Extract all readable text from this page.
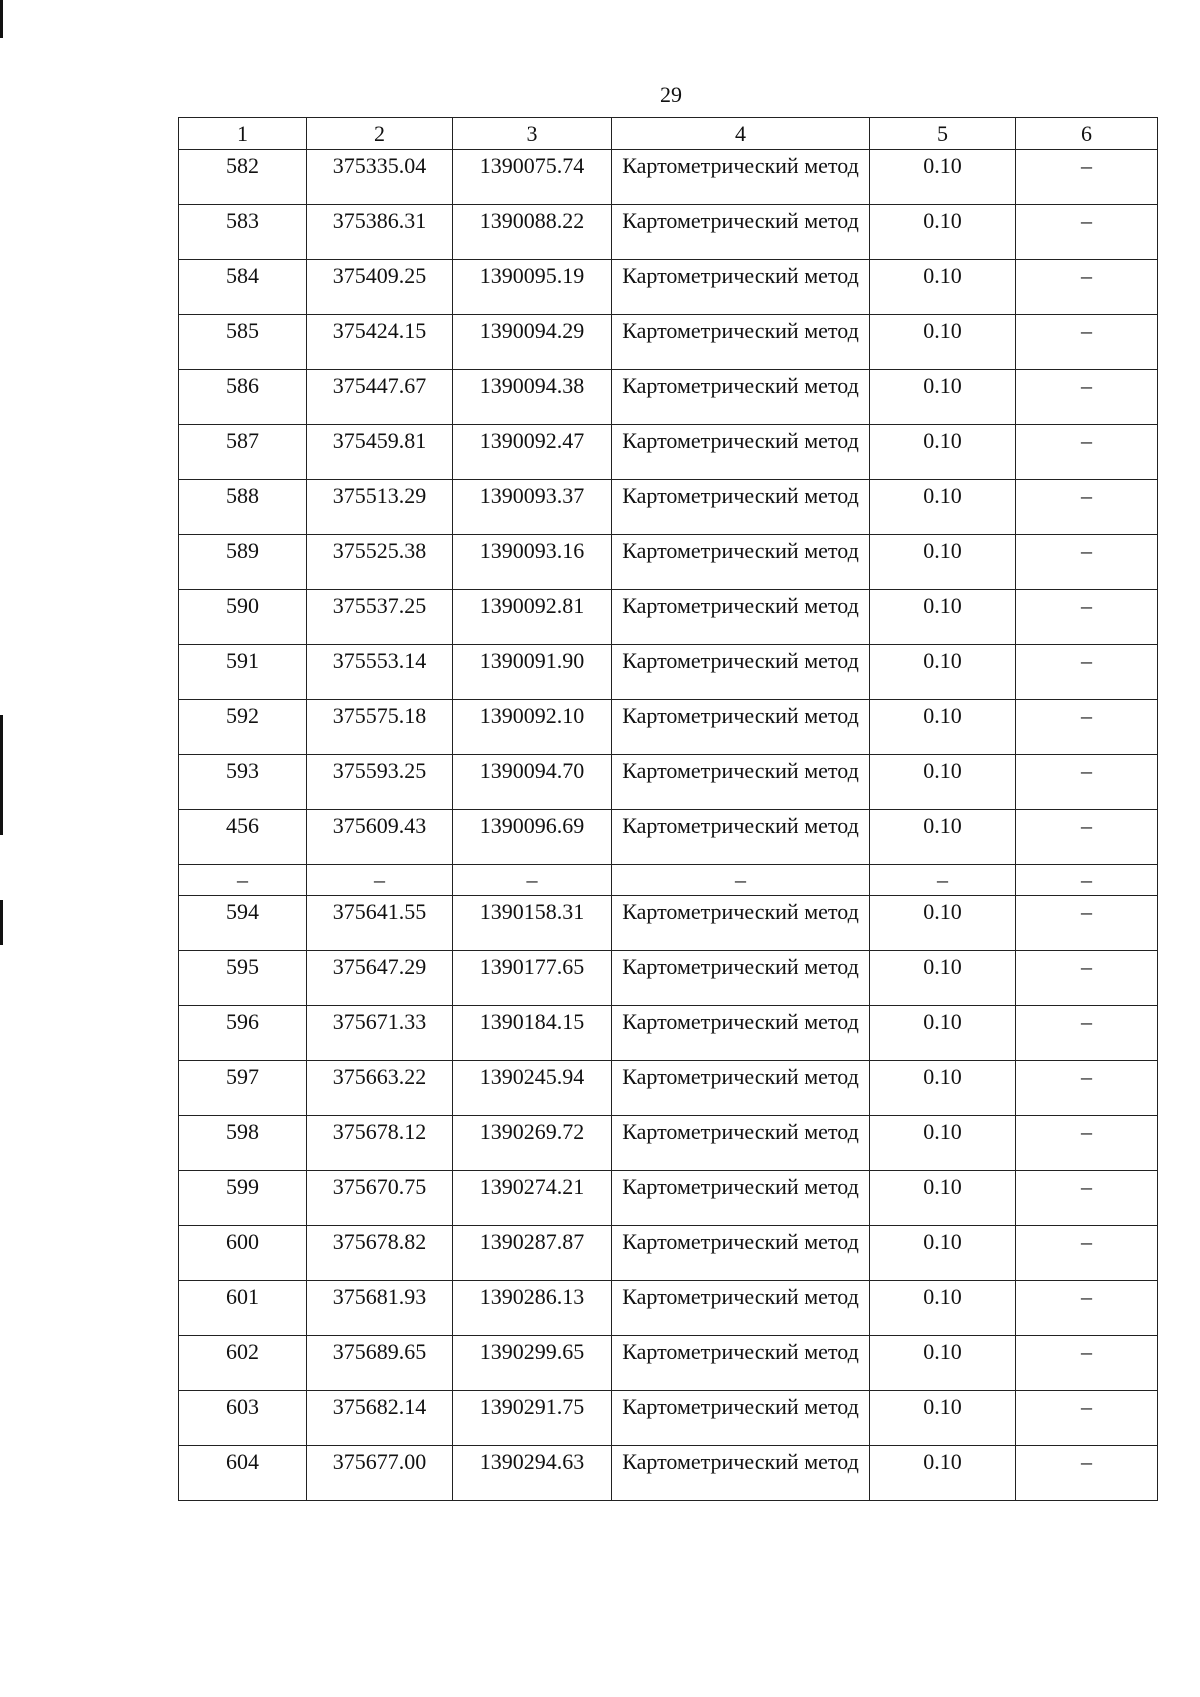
29
1	2	3	4	5	6
582	375335.04	1390075.74	Картометрический метод	0.10	–
583	375386.31	1390088.22	Картометрический метод	0.10	–
584	375409.25	1390095.19	Картометрический метод	0.10	–
585	375424.15	1390094.29	Картометрический метод	0.10	–
586	375447.67	1390094.38	Картометрический метод	0.10	–
587	375459.81	1390092.47	Картометрический метод	0.10	–
588	375513.29	1390093.37	Картометрический метод	0.10	–
589	375525.38	1390093.16	Картометрический метод	0.10	–
590	375537.25	1390092.81	Картометрический метод	0.10	–
591	375553.14	1390091.90	Картометрический метод	0.10	–
592	375575.18	1390092.10	Картометрический метод	0.10	–
593	375593.25	1390094.70	Картометрический метод	0.10	–
456	375609.43	1390096.69	Картометрический метод	0.10	–
–	–	–	–	–	–
594	375641.55	1390158.31	Картометрический метод	0.10	–
595	375647.29	1390177.65	Картометрический метод	0.10	–
596	375671.33	1390184.15	Картометрический метод	0.10	–
597	375663.22	1390245.94	Картометрический метод	0.10	–
598	375678.12	1390269.72	Картометрический метод	0.10	–
599	375670.75	1390274.21	Картометрический метод	0.10	–
600	375678.82	1390287.87	Картометрический метод	0.10	–
601	375681.93	1390286.13	Картометрический метод	0.10	–
602	375689.65	1390299.65	Картометрический метод	0.10	–
603	375682.14	1390291.75	Картометрический метод	0.10	–
604	375677.00	1390294.63	Картометрический метод	0.10	–
